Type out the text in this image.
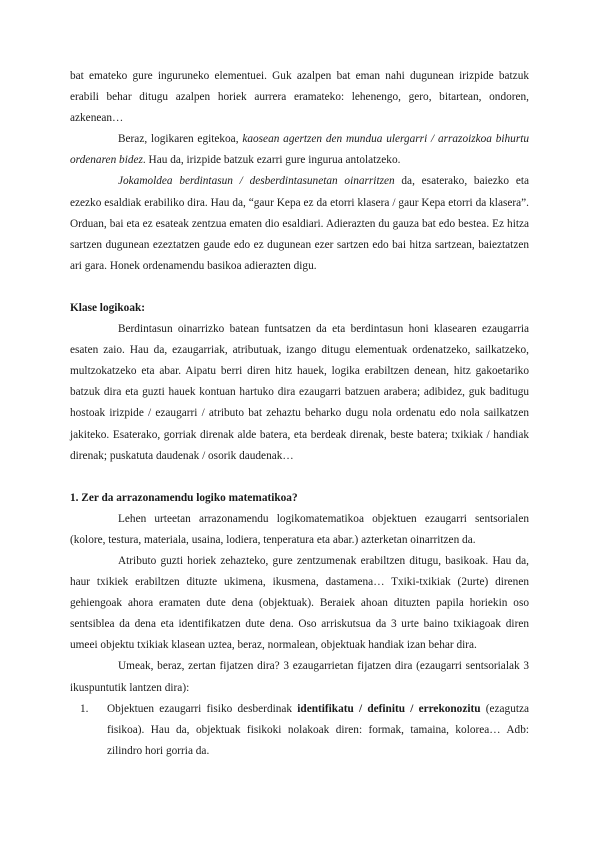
bat emateko gure inguruneko elementuei. Guk azalpen bat eman nahi dugunean irizpide batzuk erabili behar ditugu azalpen horiek aurrera eramateko: lehenengo, gero, bitartean, ondoren, azkenean…

Beraz, logikaren egitekoa, kaosean agertzen den mundua ulergarri / arrazoizkoa bihurtu ordenaren bidez. Hau da, irizpide batzuk ezarri gure ingurua antolatzeko.

Jokamoldea berdintasun / desberdintasunetan oinarritzen da, esaterako, baiezko eta ezezko esaldiak erabiliko dira. Hau da, “gaur Kepa ez da etorri klasera / gaur Kepa etorri da klasera”. Orduan, bai eta ez esateak zentzua ematen dio esaldiari. Adierazten du gauza bat edo bestea. Ez hitza sartzen dugunean ezeztatzen gaude edo ez dugunean ezer sartzen edo bai hitza sartzean, baieztatzen ari gara. Honek ordenamendu basikoa adierazten digu.

Klase logikoak:

Berdintasun oinarrizko batean funtsatzen da eta berdintasun honi klasearen ezaugarria esaten zaio. Hau da, ezaugarriak, atributuak, izango ditugu elementuak ordenatzeko, sailkatzeko, multzokatzeko eta abar. Aipatu berri diren hitz hauek, logika erabiltzen denean, hitz gakoetariko batzuk dira eta guzti hauek kontuan hartuko dira ezaugarri batzuen arabera; adibidez, guk baditugu hostoak irizpide / ezaugarri / atributo bat zehaztu beharko dugu nola ordenatu edo nola sailkatzen jakiteko. Esaterako, gorriak direnak alde batera, eta berdeak direnak, beste batera; txikiak / handiak direnak; puskatuta daudenak / osorik daudenak…

1. Zer da arrazonamendu logiko matematikoa?

Lehen urteetan arrazonamendu logikomatematikoa objektuen ezaugarri sentsorialen (kolore, testura, materiala, usaina, lodiera, tenperatura eta abar.) azterketan oinarritzen da.

Atributo guzti horiek zehazteko, gure zentzumenak erabiltzen ditugu, basikoak. Hau da, haur txikiek erabiltzen dituzte ukimena, ikusmena, dastamena… Txiki-txikiak (2urte) direnen gehiengoak ahora eramaten dute dena (objektuak). Beraiek ahoan dituzten papila horiekin oso sentsiblea da dena eta identifikatzen dute dena. Oso arriskutsua da 3 urte baino txikiagoak diren umeei objektu txikiak klasean uztea, beraz, normalean, objektuak handiak izan behar dira.

Umeak, beraz, zertan fijatzen dira? 3 ezaugarrietan fijatzen dira (ezaugarri sentsorialak 3 ikuspuntutik lantzen dira):

1. Objektuen ezaugarri fisiko desberdinak identifikatu / definitu / errekonozitu (ezagutza fisikoa). Hau da, objektuak fisikoki nolakoak diren: formak, tamaina, kolorea… Adb: zilindro hori gorria da.
